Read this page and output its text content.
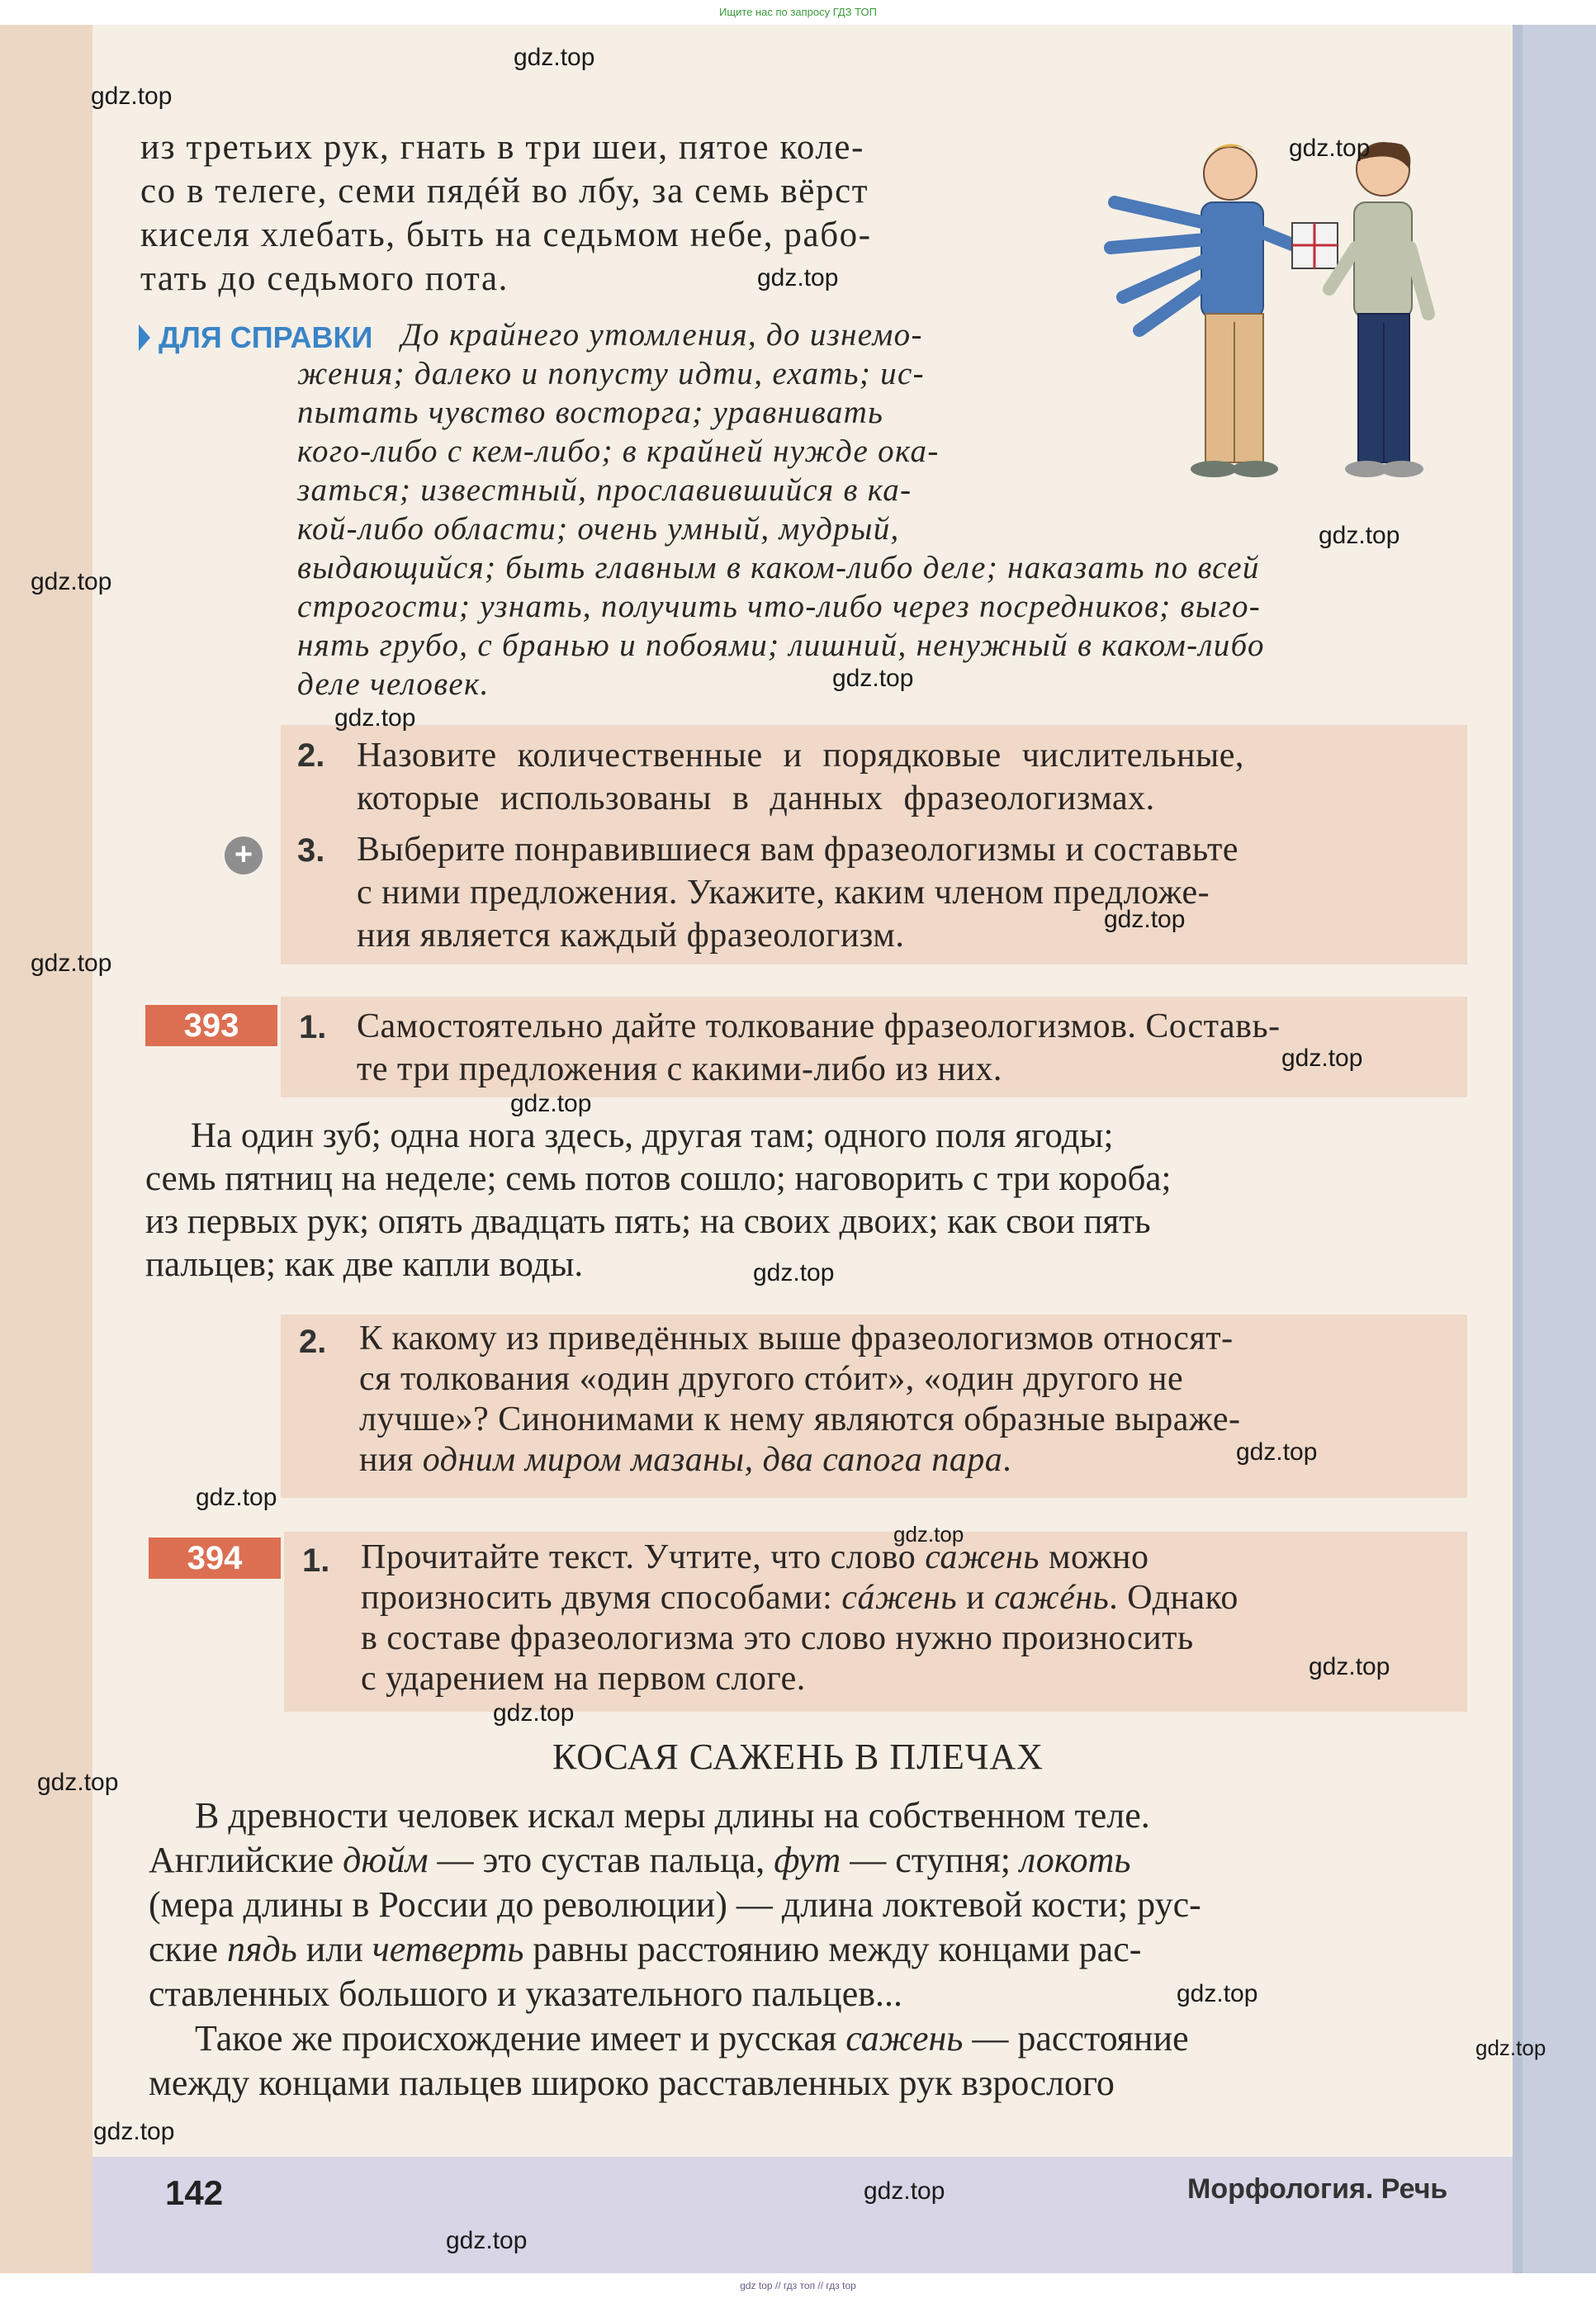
Ищите нас по запросу ГДЗ ТОП

из третьих рук, гнать в три шеи, пятое коле-

со в телеге, семи пядéй во лбу, за семь вёрст

киселя хлебать, быть на седьмом небе, рабо-

тать до седьмого пота.

ДЛЯ СПРАВКИ До крайнего утомления, до изнемо-

жения; далеко и попусту идти, ехать; ис-

пытать чувство восторга; уравнивать

кого-либо с кем-либо; в крайней нужде ока-

заться; известный, прославившийся в ка-

кой-либо области; очень умный, мудрый,

выдающийся; быть главным в каком-либо деле; наказать по всей

строгости; узнать, получить что-либо через посредников; выго-

нять грубо, с бранью и побоями; лишний, ненужный в каком-либо

деле человек.

2. Назовите количественные и порядковые числительные,

которые использованы в данных фразеологизмах.

+ 3. Выберите понравившиеся вам фразеологизмы и составьте

с ними предложения. Укажите, каким членом предложе-

ния является каждый фразеологизм.

393	1. Самостоятельно дайте толкование фразеологизмов. Составь-

те три предложения с какими-либо из них.

На один зуб; одна нога здесь, другая там; одного поля ягоды;

семь пятниц на неделе; семь потов сошло; наговорить с три короба;

из первых рук; опять двадцать пять; на своих двоих; как свои пять

пальцев; как две капли воды.

2. К какому из приведённых выше фразеологизмов относят-

ся толкования «один другого стóит», «один другого не

лучше»? Синонимами к нему являются образные выраже-

ния одним миром мазаны, два сапога пара.

394	1. Прочитайте текст. Учтите, что слово сажень можно

произносить двумя способами: сáжень и сажéнь. Однако

в составе фразеологизма это слово нужно произносить

с ударением на первом слоге.

КОСАЯ САЖЕНЬ В ПЛЕЧАХ

В древности человек искал меры длины на собственном теле.

Английские дюйм — это сустав пальца, фут — ступня; локоть

(мера длины в России до революции) — длина локтевой кости; рус-

ские пядь или четверть равны расстоянию между концами рас-

ставленных большого и указательного пальцев...

Такое же происхождение имеет и русская сажень — расстояние

между концами пальцев широко расставленных рук взрослого

142	Морфология. Речь
gdz top // гдз топ // гдз top
gdz.top
gdz.top
gdz.top
gdz.top
gdz.top
gdz.top
gdz.top
gdz.top
gdz.top
gdz.top
gdz.top
gdz.top
gdz.top
gdz.top
gdz.top
gdz.top
gdz.top
gdz.top
gdz.top
gdz.top
gdz.top
gdz.top
gdz.top
gdz.top
